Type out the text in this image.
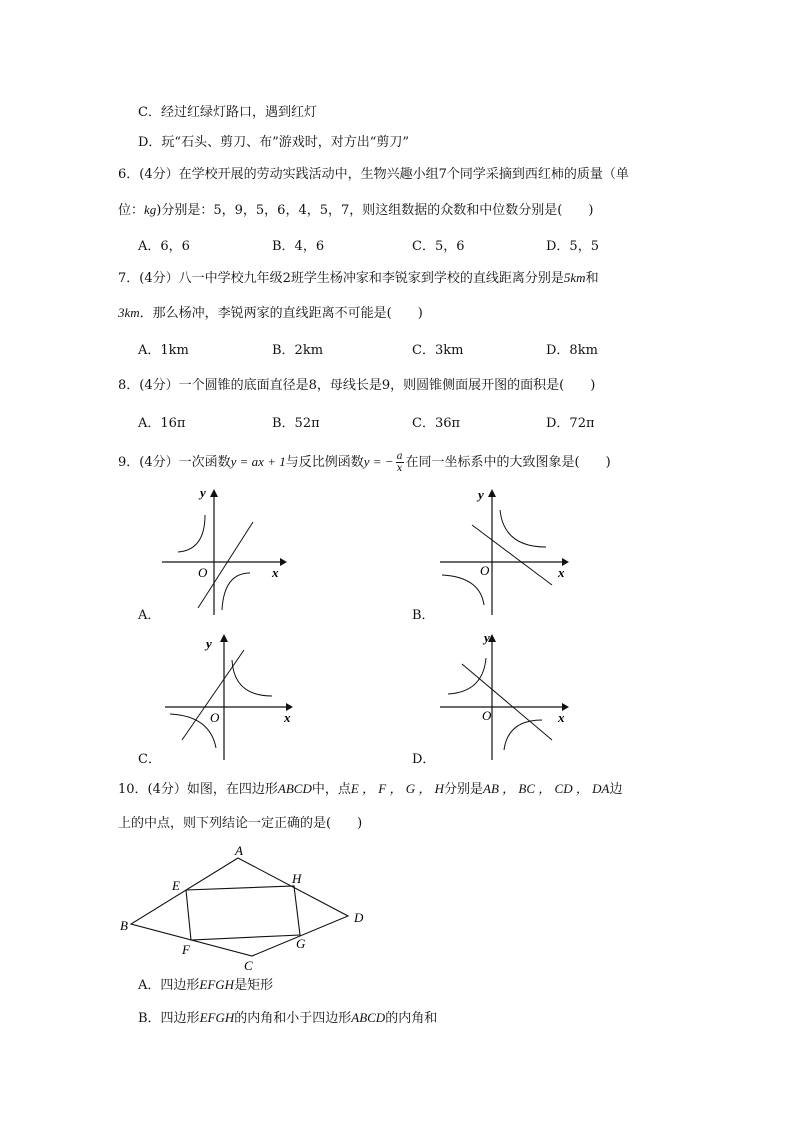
C．经过红绿灯路口，遇到红灯
D．玩“石头、剪刀、布”游戏时，对方出“剪刀”
6．(4分）在学校开展的劳动实践活动中，生物兴趣小组7个同学采摘到西红柿的质量（单
位：kg)分别是：5，9，5，6，4，5，7，则这组数据的众数和中位数分别是(　　)
A．6，6	B．4，6	C．5，6	D．5，5
7．(4分）八一中学校九年级2班学生杨冲家和李锐家到学校的直线距离分别是5km和
3km．那么杨冲，李锐两家的直线距离不可能是(　　)
A．1km	B．2km	C．3km	D．8km
8．(4分）一个圆锥的底面直径是8，母线长是9，则圆锥侧面展开图的面积是(　　)
A．16π	B．52π	C．36π	D．72π
9．(4分）一次函数y = ax + 1与反比例函数y = − $\frac{a}{x}$ 在同一坐标系中的大致图象是(　　)
y
x
O
A．
y
x
O
B．
y
x
O
C．
y
x
O
D．
10．(4分）如图，在四边形ABCD中，点E ， F ， G ， H分别是AB ， BC ， CD ， DA边
上的中点，则下列结论一定正确的是(　　)
A
B
C
D
E
F	G
H
A．四边形EFGH是矩形
B．四边形EFGH的内角和小于四边形ABCD的内角和
